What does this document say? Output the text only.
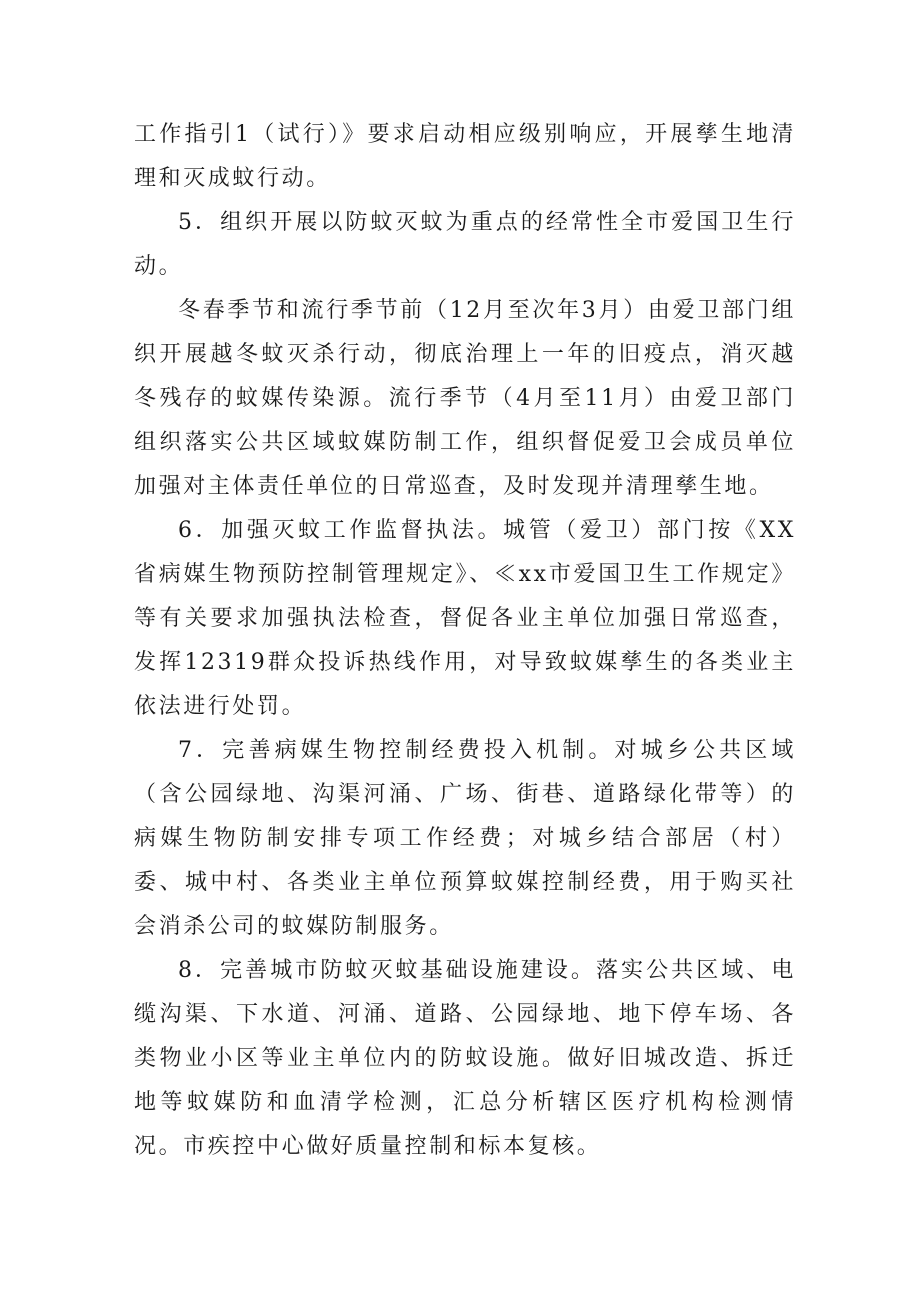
工作指引1（试行）》要求启动相应级别响应，开展孳生地清理和灭成蚊行动。

5．组织开展以防蚊灭蚊为重点的经常性全市爱国卫生行动。

冬春季节和流行季节前（12月至次年3月）由爱卫部门组织开展越冬蚊灭杀行动，彻底治理上一年的旧疫点，消灭越冬残存的蚊媒传染源。流行季节（4月至11月）由爱卫部门组织落实公共区域蚊媒防制工作，组织督促爱卫会成员单位加强对主体责任单位的日常巡查，及时发现并清理孳生地。

6．加强灭蚊工作监督执法。城管（爱卫）部门按《XX省病媒生物预防控制管理规定》、≪xx市爱国卫生工作规定》等有关要求加强执法检查，督促各业主单位加强日常巡查，发挥12319群众投诉热线作用，对导致蚊媒孳生的各类业主依法进行处罚。

7．完善病媒生物控制经费投入机制。对城乡公共区域（含公园绿地、沟渠河涌、广场、街巷、道路绿化带等）的病媒生物防制安排专项工作经费；对城乡结合部居（村）委、城中村、各类业主单位预算蚊媒控制经费，用于购买社会消杀公司的蚊媒防制服务。

8．完善城市防蚊灭蚊基础设施建设。落实公共区域、电缆沟渠、下水道、河涌、道路、公园绿地、地下停车场、各类物业小区等业主单位内的防蚊设施。做好旧城改造、拆迁地等蚊媒防和血清学检测，汇总分析辖区医疗机构检测情况。市疾控中心做好质量控制和标本复核。
